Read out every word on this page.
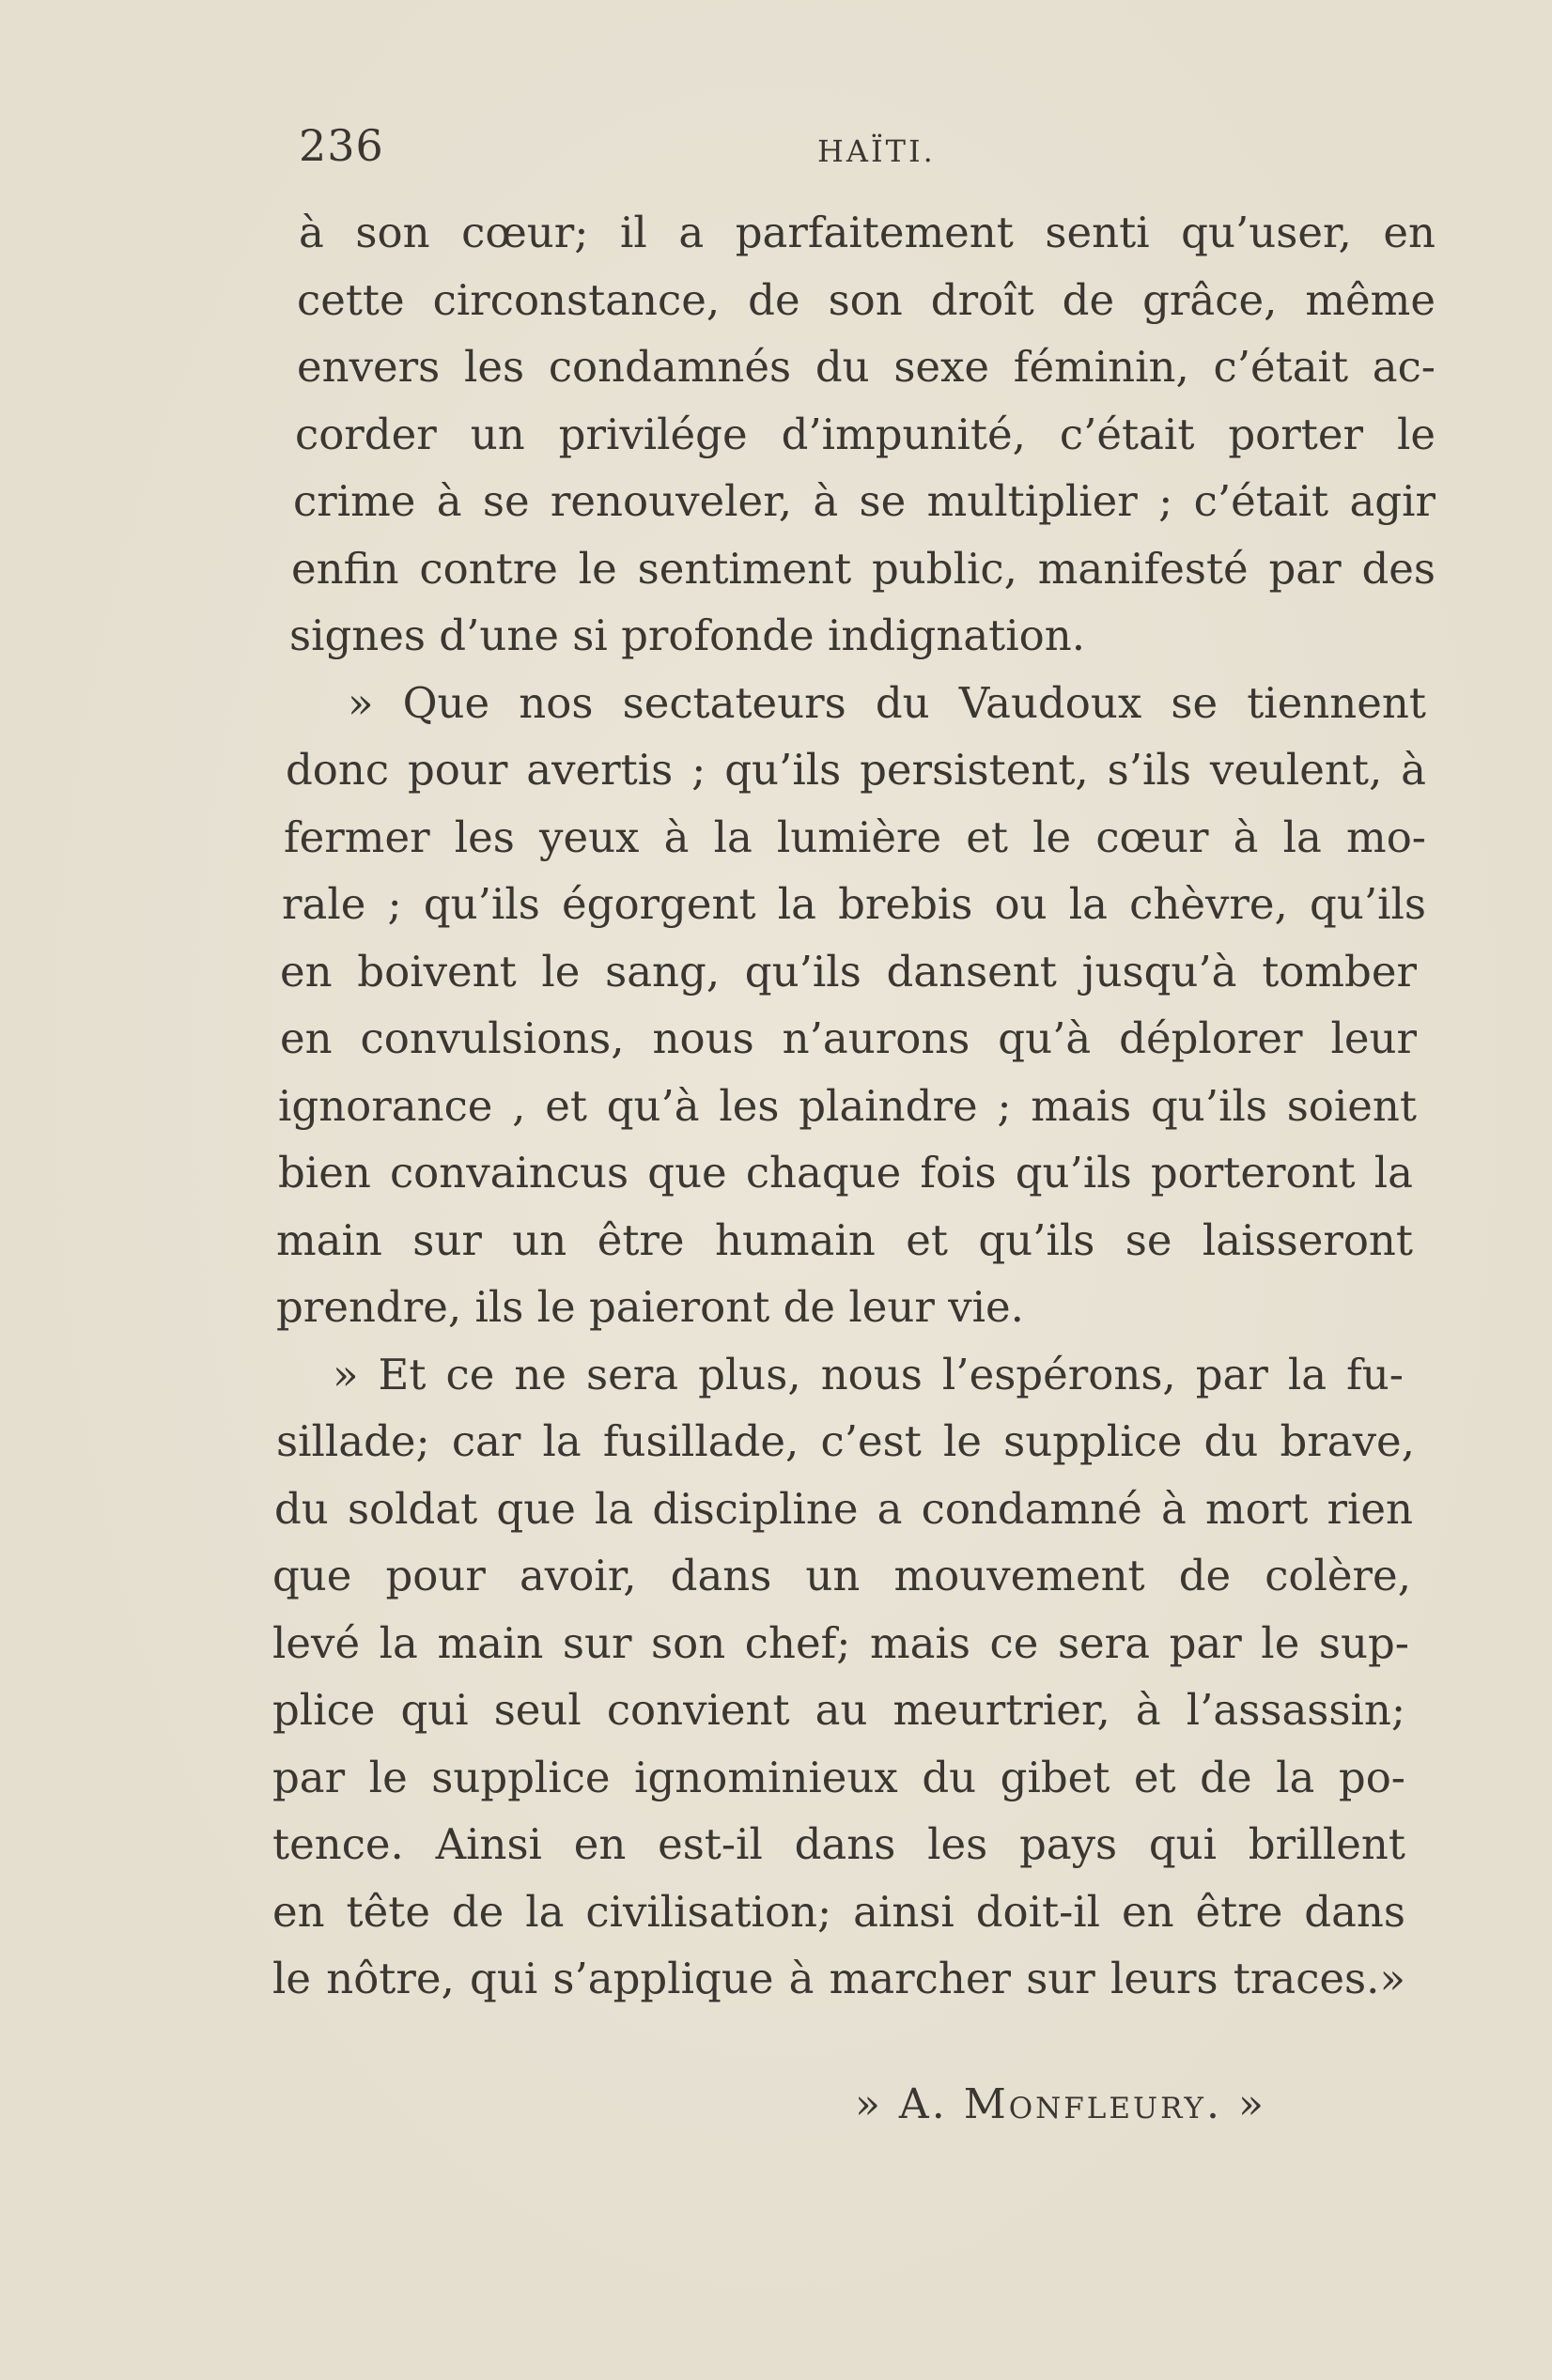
236	HAÏTI.
à son cœur; il a parfaitement senti qu’user, en
cette circonstance, de son droît de grâce, même
envers les condamnés du sexe féminin, c’était ac-
corder un privilége d’impunité, c’était porter le
crime à se renouveler, à se multiplier ; c’était agir
enfin contre le sentiment public, manifesté par des
signes d’une si profonde indignation.
» Que nos sectateurs du Vaudoux se tiennent
donc pour avertis ; qu’ils persistent, s’ils veulent, à
fermer les yeux à la lumière et le cœur à la mo-
rale ; qu’ils égorgent la brebis ou la chèvre, qu’ils
en boivent le sang, qu’ils dansent jusqu’à tomber
en convulsions, nous n’aurons qu’à déplorer leur
ignorance , et qu’à les plaindre ; mais qu’ils soient
bien convaincus que chaque fois qu’ils porteront la
main sur un être humain et qu’ils se laisseront
prendre, ils le paieront de leur vie.
» Et ce ne sera plus, nous l’espérons, par la fu-
sillade; car la fusillade, c’est le supplice du brave,
du soldat que la discipline a condamné à mort rien
que pour avoir, dans un mouvement de colère,
levé la main sur son chef; mais ce sera par le sup-
plice qui seul convient au meurtrier, à l’assassin;
par le supplice ignominieux du gibet et de la po-
tence. Ainsi en est-il dans les pays qui brillent
en tête de la civilisation; ainsi doit-il en être dans
le nôtre, qui s’applique à marcher sur leurs traces.»
» A. Monfleury. »
